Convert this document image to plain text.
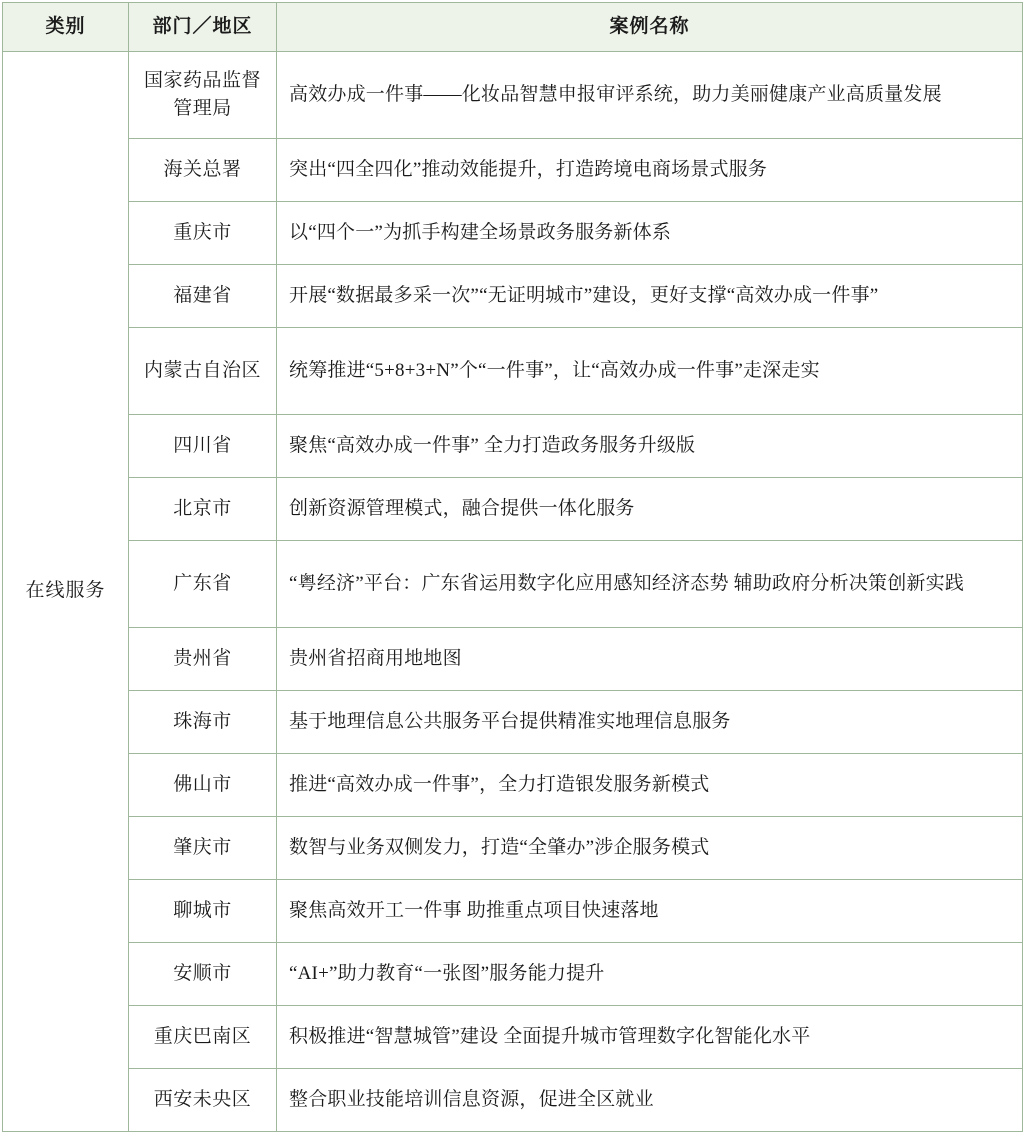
类别	部门／地区	案例名称
在线服务	国家药品监督管理局	高效办成一件事——化妆品智慧申报审评系统，助力美丽健康产业高质量发展
	海关总署	突出“四全四化”推动效能提升，打造跨境电商场景式服务
	重庆市	以“四个一”为抓手构建全场景政务服务新体系
	福建省	开展“数据最多采一次”“无证明城市”建设，更好支撑“高效办成一件事”
	内蒙古自治区	统筹推进“5+8+3+N”个“一件事”，让“高效办成一件事”走深走实
	四川省	聚焦“高效办成一件事” 全力打造政务服务升级版
	北京市	创新资源管理模式，融合提供一体化服务
	广东省	“粤经济”平台：广东省运用数字化应用感知经济态势 辅助政府分析决策创新实践
	贵州省	贵州省招商用地地图
	珠海市	基于地理信息公共服务平台提供精准实地理信息服务
	佛山市	推进“高效办成一件事”，全力打造银发服务新模式
	肇庆市	数智与业务双侧发力，打造“全肇办”涉企服务模式
	聊城市	聚焦高效开工一件事 助推重点项目快速落地
	安顺市	“AI+”助力教育“一张图”服务能力提升
	重庆巴南区	积极推进“智慧城管”建设 全面提升城市管理数字化智能化水平
	西安未央区	整合职业技能培训信息资源，促进全区就业
